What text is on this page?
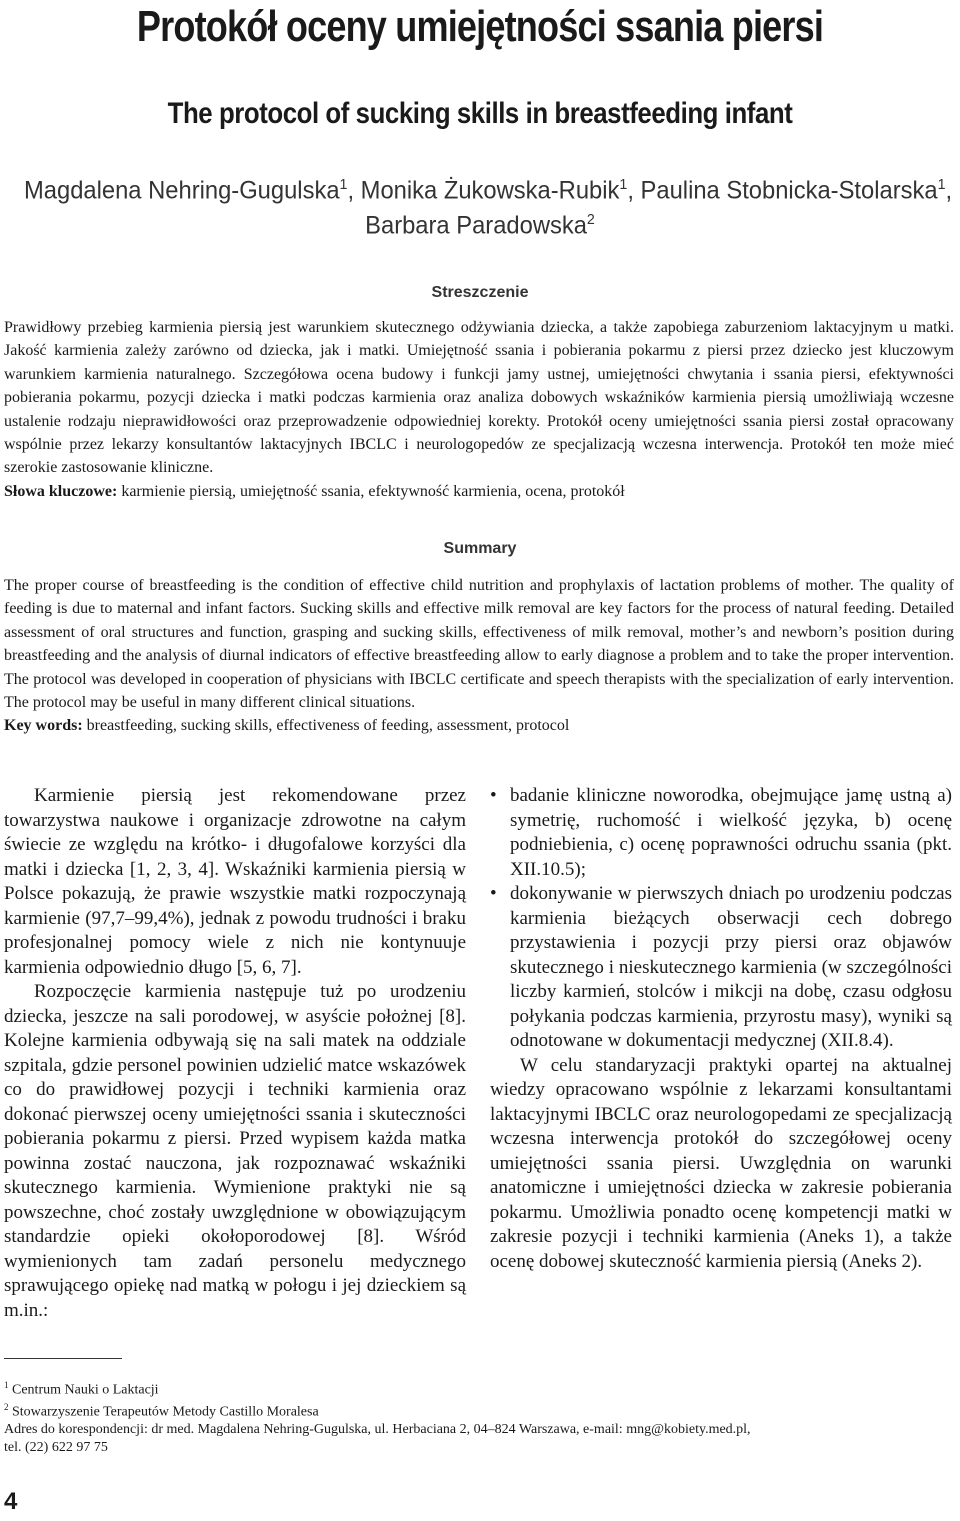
Protokół oceny umiejętności ssania piersi
The protocol of sucking skills in breastfeeding infant
Magdalena Nehring-Gugulska$^1$, Monika Żukowska-Rubik$^1$, Paulina Stobnicka-Stolarska$^1$,
Barbara Paradowska$^2$
Streszczenie
Prawidłowy przebieg karmienia piersią jest warunkiem skutecznego odżywiania dziecka, a także zapobiega zaburzeniom laktacyjnym u matki. Jakość karmienia zależy zarówno od dziecka, jak i matki. Umiejętność ssania i pobierania pokarmu z piersi przez dziecko jest kluczowym warunkiem karmienia naturalnego. Szczegółowa ocena budowy i funkcji jamy ustnej, umiejętności chwytania i ssania piersi, efektywności pobierania pokarmu, pozycji dziecka i matki podczas karmienia oraz analiza dobowych wskaźników karmienia piersią umożliwiają wczesne ustalenie rodzaju nieprawidłowości oraz przeprowadzenie odpowiedniej korekty. Protokół oceny umiejętności ssania piersi został opracowany wspólnie przez lekarzy konsultantów laktacyjnych IBCLC i neurologopedów ze specjalizacją wczesna interwencja. Protokół ten może mieć szerokie zastosowanie kliniczne.
Słowa kluczowe: karmienie piersią, umiejętność ssania, efektywność karmienia, ocena, protokół
Summary
The proper course of breastfeeding is the condition of effective child nutrition and prophylaxis of lactation problems of mother. The quality of feeding is due to maternal and infant factors. Sucking skills and effective milk removal are key factors for the process of natural feeding. Detailed assessment of oral structures and function, grasping and sucking skills, effectiveness of milk removal, mother’s and newborn’s position during breastfeeding and the analysis of diurnal indicators of effective breastfeeding allow to early diagnose a problem and to take the proper intervention. The protocol was developed in cooperation of physicians with IBCLC certificate and speech therapists with the specialization of early intervention. The protocol may be useful in many different clinical situations.
Key words: breastfeeding, sucking skills, effectiveness of feeding, assessment, protocol

Karmienie piersią jest rekomendowane przez towarzystwa naukowe i organizacje zdrowotne na całym świecie ze względu na krótko- i długofalowe korzyści dla matki i dziecka [1, 2, 3, 4]. Wskaźniki karmienia piersią w Polsce pokazują, że prawie wszystkie matki rozpoczynają karmienie (97,7–99,4%), jednak z powodu trudności i braku profesjonalnej pomocy wiele z nich nie kontynuuje karmienia odpowiednio długo [5, 6, 7].

Rozpoczęcie karmienia następuje tuż po urodzeniu dziecka, jeszcze na sali porodowej, w asyście położnej [8]. Kolejne karmienia odbywają się na sali matek na oddziale szpitala, gdzie personel powinien udzielić matce wskazówek co do prawidłowej pozycji i techniki karmienia oraz dokonać pierwszej oceny umiejętności ssania i skuteczności pobierania pokarmu z piersi. Przed wypisem każda matka powinna zostać nauczona, jak rozpoznawać wskaźniki skutecznego karmienia. Wymienione praktyki nie są powszechne, choć zostały uwzględnione w obowiązującym standardzie opieki okołoporodowej [8]. Wśród wymienionych tam zadań personelu medycznego sprawującego opiekę nad matką w połogu i jej dzieckiem są m.in.:

• badanie kliniczne noworodka, obejmujące jamę ustną a) symetrię, ruchomość i wielkość języka, b) ocenę podniebienia, c) ocenę poprawności odruchu ssania (pkt. XII.10.5);
• dokonywanie w pierwszych dniach po urodzeniu podczas karmienia bieżących obserwacji cech dobrego przystawienia i pozycji przy piersi oraz objawów skutecznego i nieskutecznego karmienia (w szczególności liczby karmień, stolców i mikcji na dobę, czasu odgłosu połykania podczas karmienia, przyrostu masy), wyniki są odnotowane w dokumentacji medycznej (XII.8.4).

W celu standaryzacji praktyki opartej na aktualnej wiedzy opracowano wspólnie z lekarzami konsultantami laktacyjnymi IBCLC oraz neurologopedami ze specjalizacją wczesna interwencja protokół do szczegółowej oceny umiejętności ssania piersi. Uwzględnia on warunki anatomiczne i umiejętności dziecka w zakresie pobierania pokarmu. Umożliwia ponadto ocenę kompetencji matki w zakresie pozycji i techniki karmienia (Aneks 1), a także ocenę dobowej skuteczność karmienia piersią (Aneks 2).

$^1$ Centrum Nauki o Laktacji
$^2$ Stowarzyszenie Terapeutów Metody Castillo Moralesa
Adres do korespondencji: dr med. Magdalena Nehring-Gugulska, ul. Herbaciana 2, 04–824 Warszawa, e-mail: mng@kobiety.med.pl,
tel. (22) 622 97 75

4
